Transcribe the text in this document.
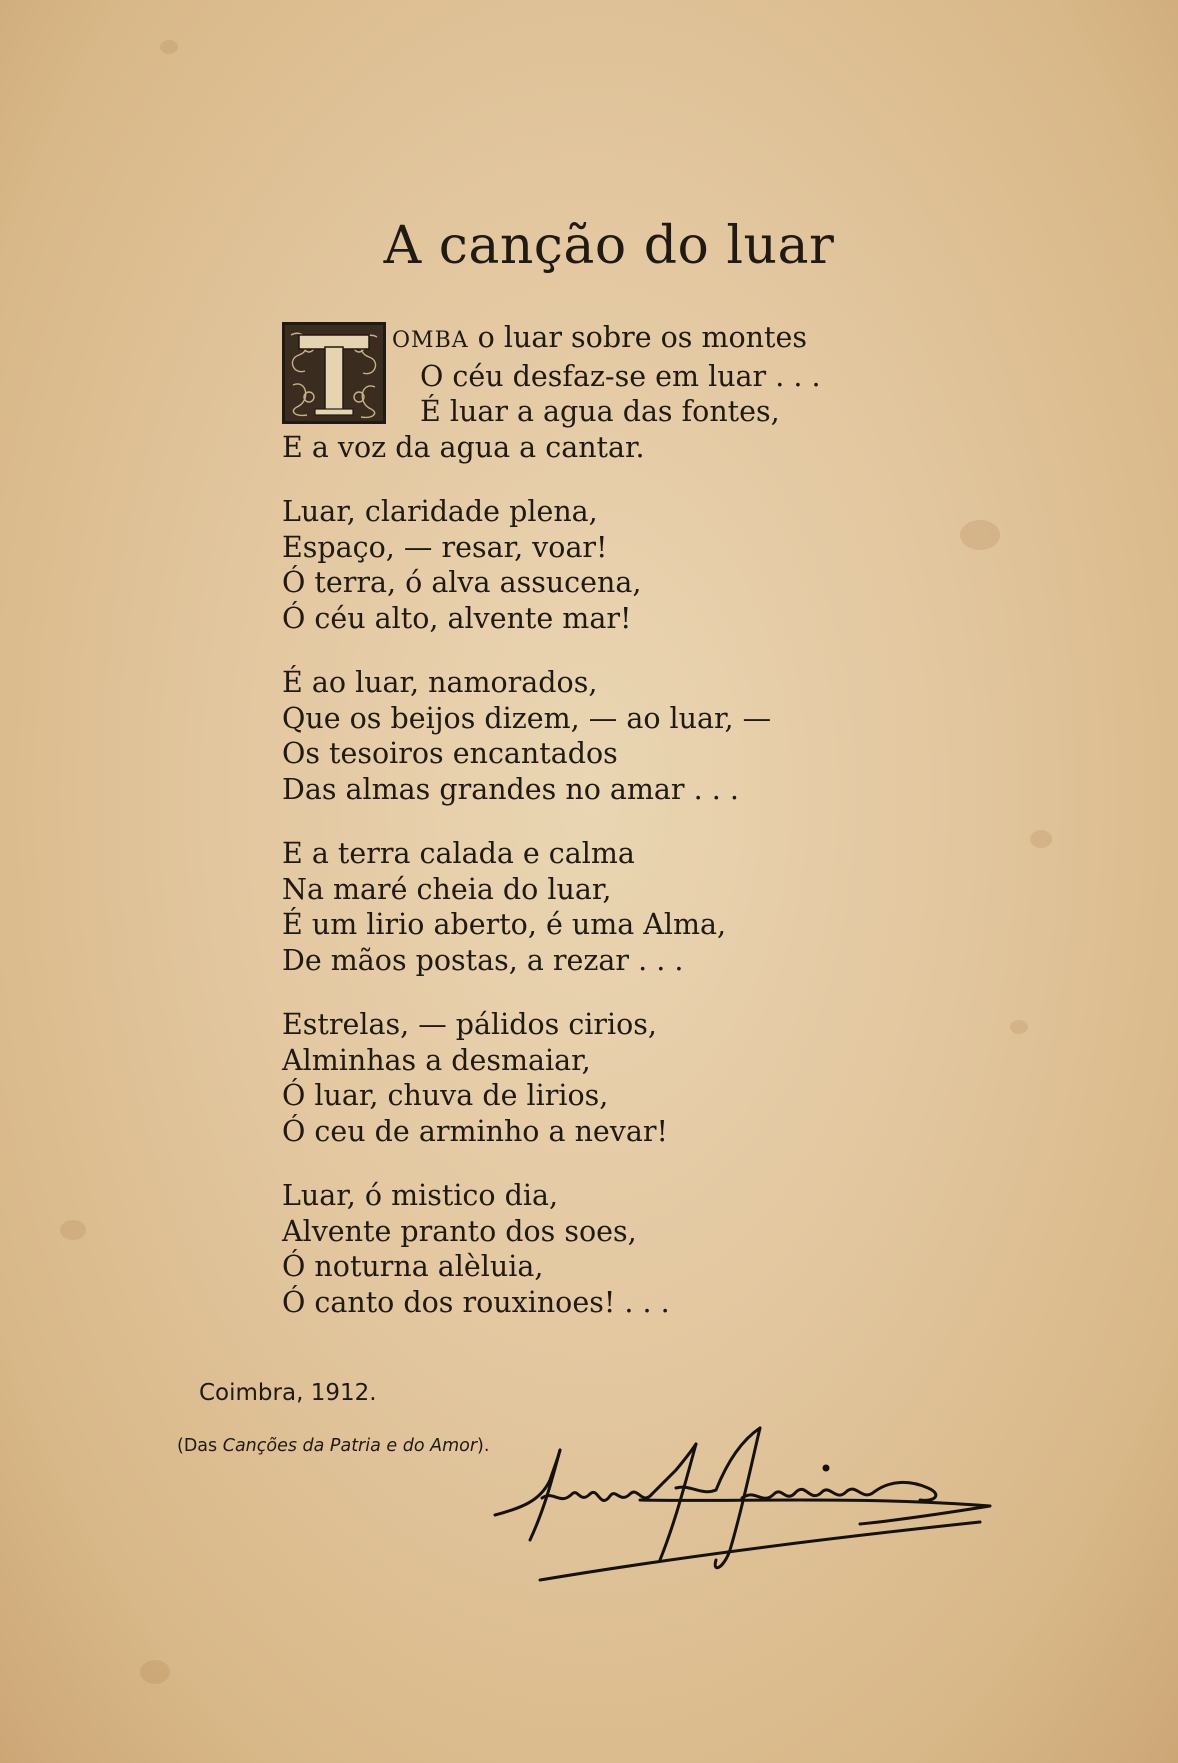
A canção do luar
OMBA o luar sobre os montes
O céu desfaz-se em luar . . .
É luar a agua das fontes,
E a voz da agua a cantar.
Luar, claridade plena,
Espaço, — resar, voar!
Ó terra, ó alva assucena,
Ó céu alto, alvente mar!
É ao luar, namorados,
Que os beijos dizem, — ao luar, —
Os tesoiros encantados
Das almas grandes no amar . . .
E a terra calada e calma
Na maré cheia do luar,
É um lirio aberto, é uma Alma,
De mãos postas, a rezar . . .
Estrelas, — pálidos cirios,
Alminhas a desmaiar,
Ó luar, chuva de lirios,
Ó ceu de arminho a nevar!
Luar, ó mistico dia,
Alvente pranto dos soes,
Ó noturna alèluia,
Ó canto dos rouxinoes! . . .
Coimbra, 1912.
(Das Canções da Patria e do Amor).
